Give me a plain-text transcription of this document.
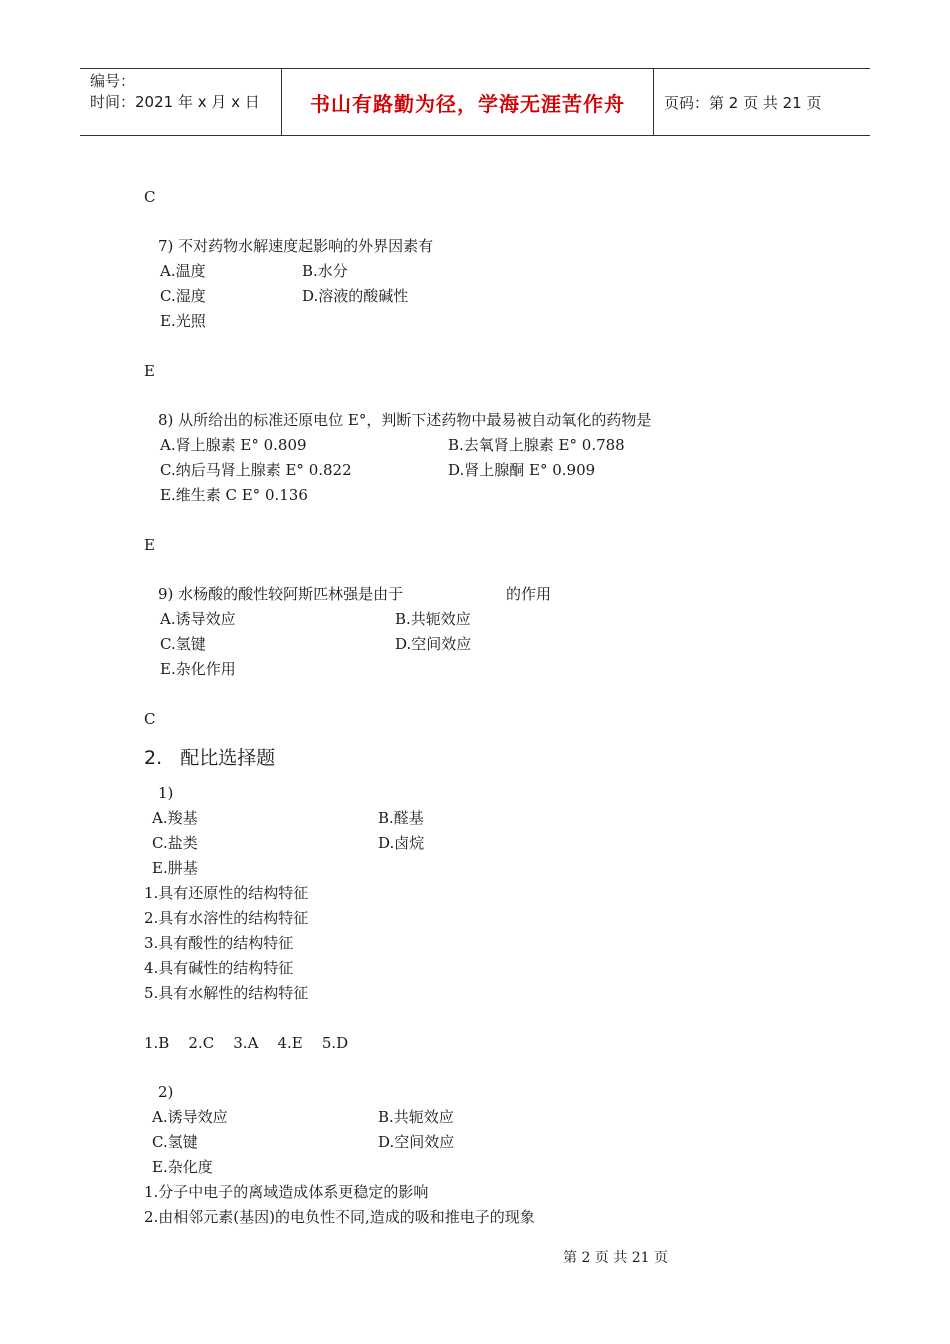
编号：
时间：2021 年 x 月 x 日	书山有路勤为径，学海无涯苦作舟	页码：第 2 页 共 21 页
C
7) 不对药物水解速度起影响的外界因素有
A.温度	B.水分
C.湿度	D.溶液的酸碱性
E.光照
E
8) 从所给出的标准还原电位 E°，判断下述药物中最易被自动氧化的药物是
A.肾上腺素 E° 0.809	B.去氧肾上腺素 E° 0.788
C.纳后马肾上腺素 E° 0.822	D.肾上腺酮 E° 0.909
E.维生素 C E° 0.136
E
9) 水杨酸的酸性较阿斯匹林强是由于	的作用
A.诱导效应	B.共轭效应
C.氢键	D.空间效应
E.杂化作用
C
2.   配比选择题
1)
A.羧基	B.醛基
C.盐类	D.卤烷
E.肼基
1.具有还原性的结构特征
2.具有水溶性的结构特征
3.具有酸性的结构特征
4.具有碱性的结构特征
5.具有水解性的结构特征
1.B    2.C    3.A    4.E    5.D
2)
A.诱导效应	B.共轭效应
C.氢键	D.空间效应
E.杂化度
1.分子中电子的离域造成体系更稳定的影响
2.由相邻元素(基因)的电负性不同,造成的吸和推电子的现象
第 2 页 共 21 页
